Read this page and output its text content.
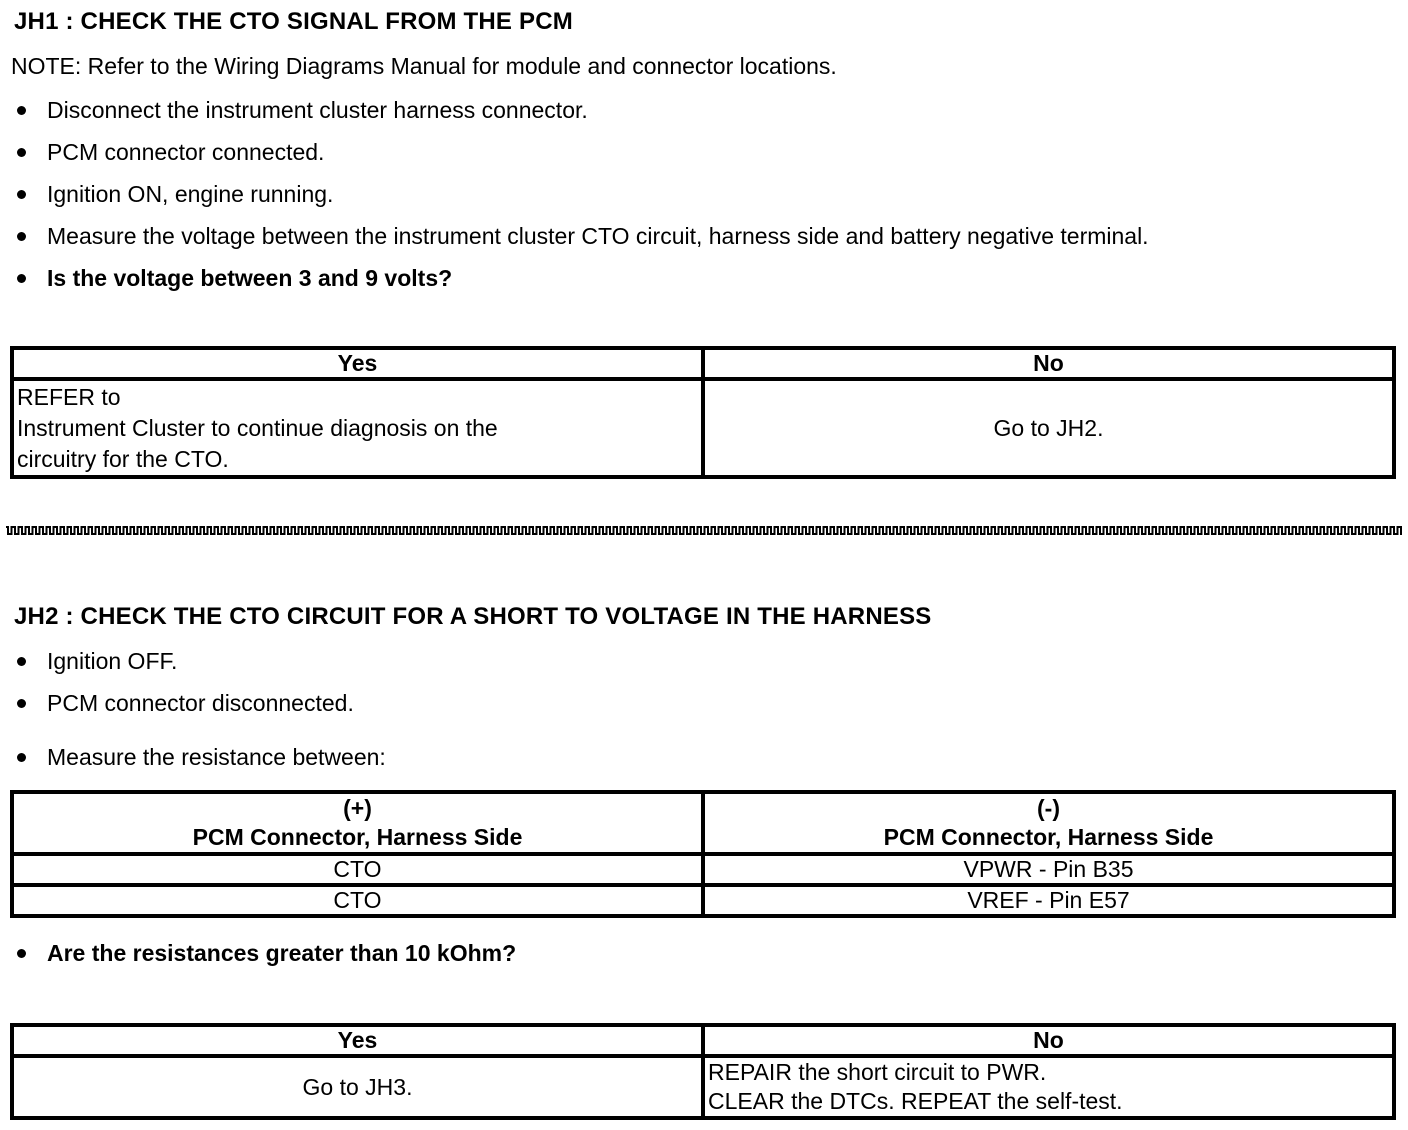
JH1 : CHECK THE CTO SIGNAL FROM THE PCM
NOTE: Refer to the Wiring Diagrams Manual for module and connector locations.
Disconnect the instrument cluster harness connector.
PCM connector connected.
Ignition ON, engine running.
Measure the voltage between the instrument cluster CTO circuit, harness side and battery negative terminal.
Is the voltage between 3 and 9 volts?
Yes	No

REFER to
Instrument Cluster to continue diagnosis on the
circuitry for the CTO.	Go to JH2.
JH2 : CHECK THE CTO CIRCUIT FOR A SHORT TO VOLTAGE IN THE HARNESS
Ignition OFF.
PCM connector disconnected.
Measure the resistance between:
(+)
PCM Connector, Harness Side

(-)
PCM Connector, Harness Side

CTO	VPWR - Pin B35
CTO	VREF - Pin E57
Are the resistances greater than 10 kOhm?
Yes	No
Go to JH3.	REPAIR the short circuit to PWR.
CLEAR the DTCs. REPEAT the self-test.
